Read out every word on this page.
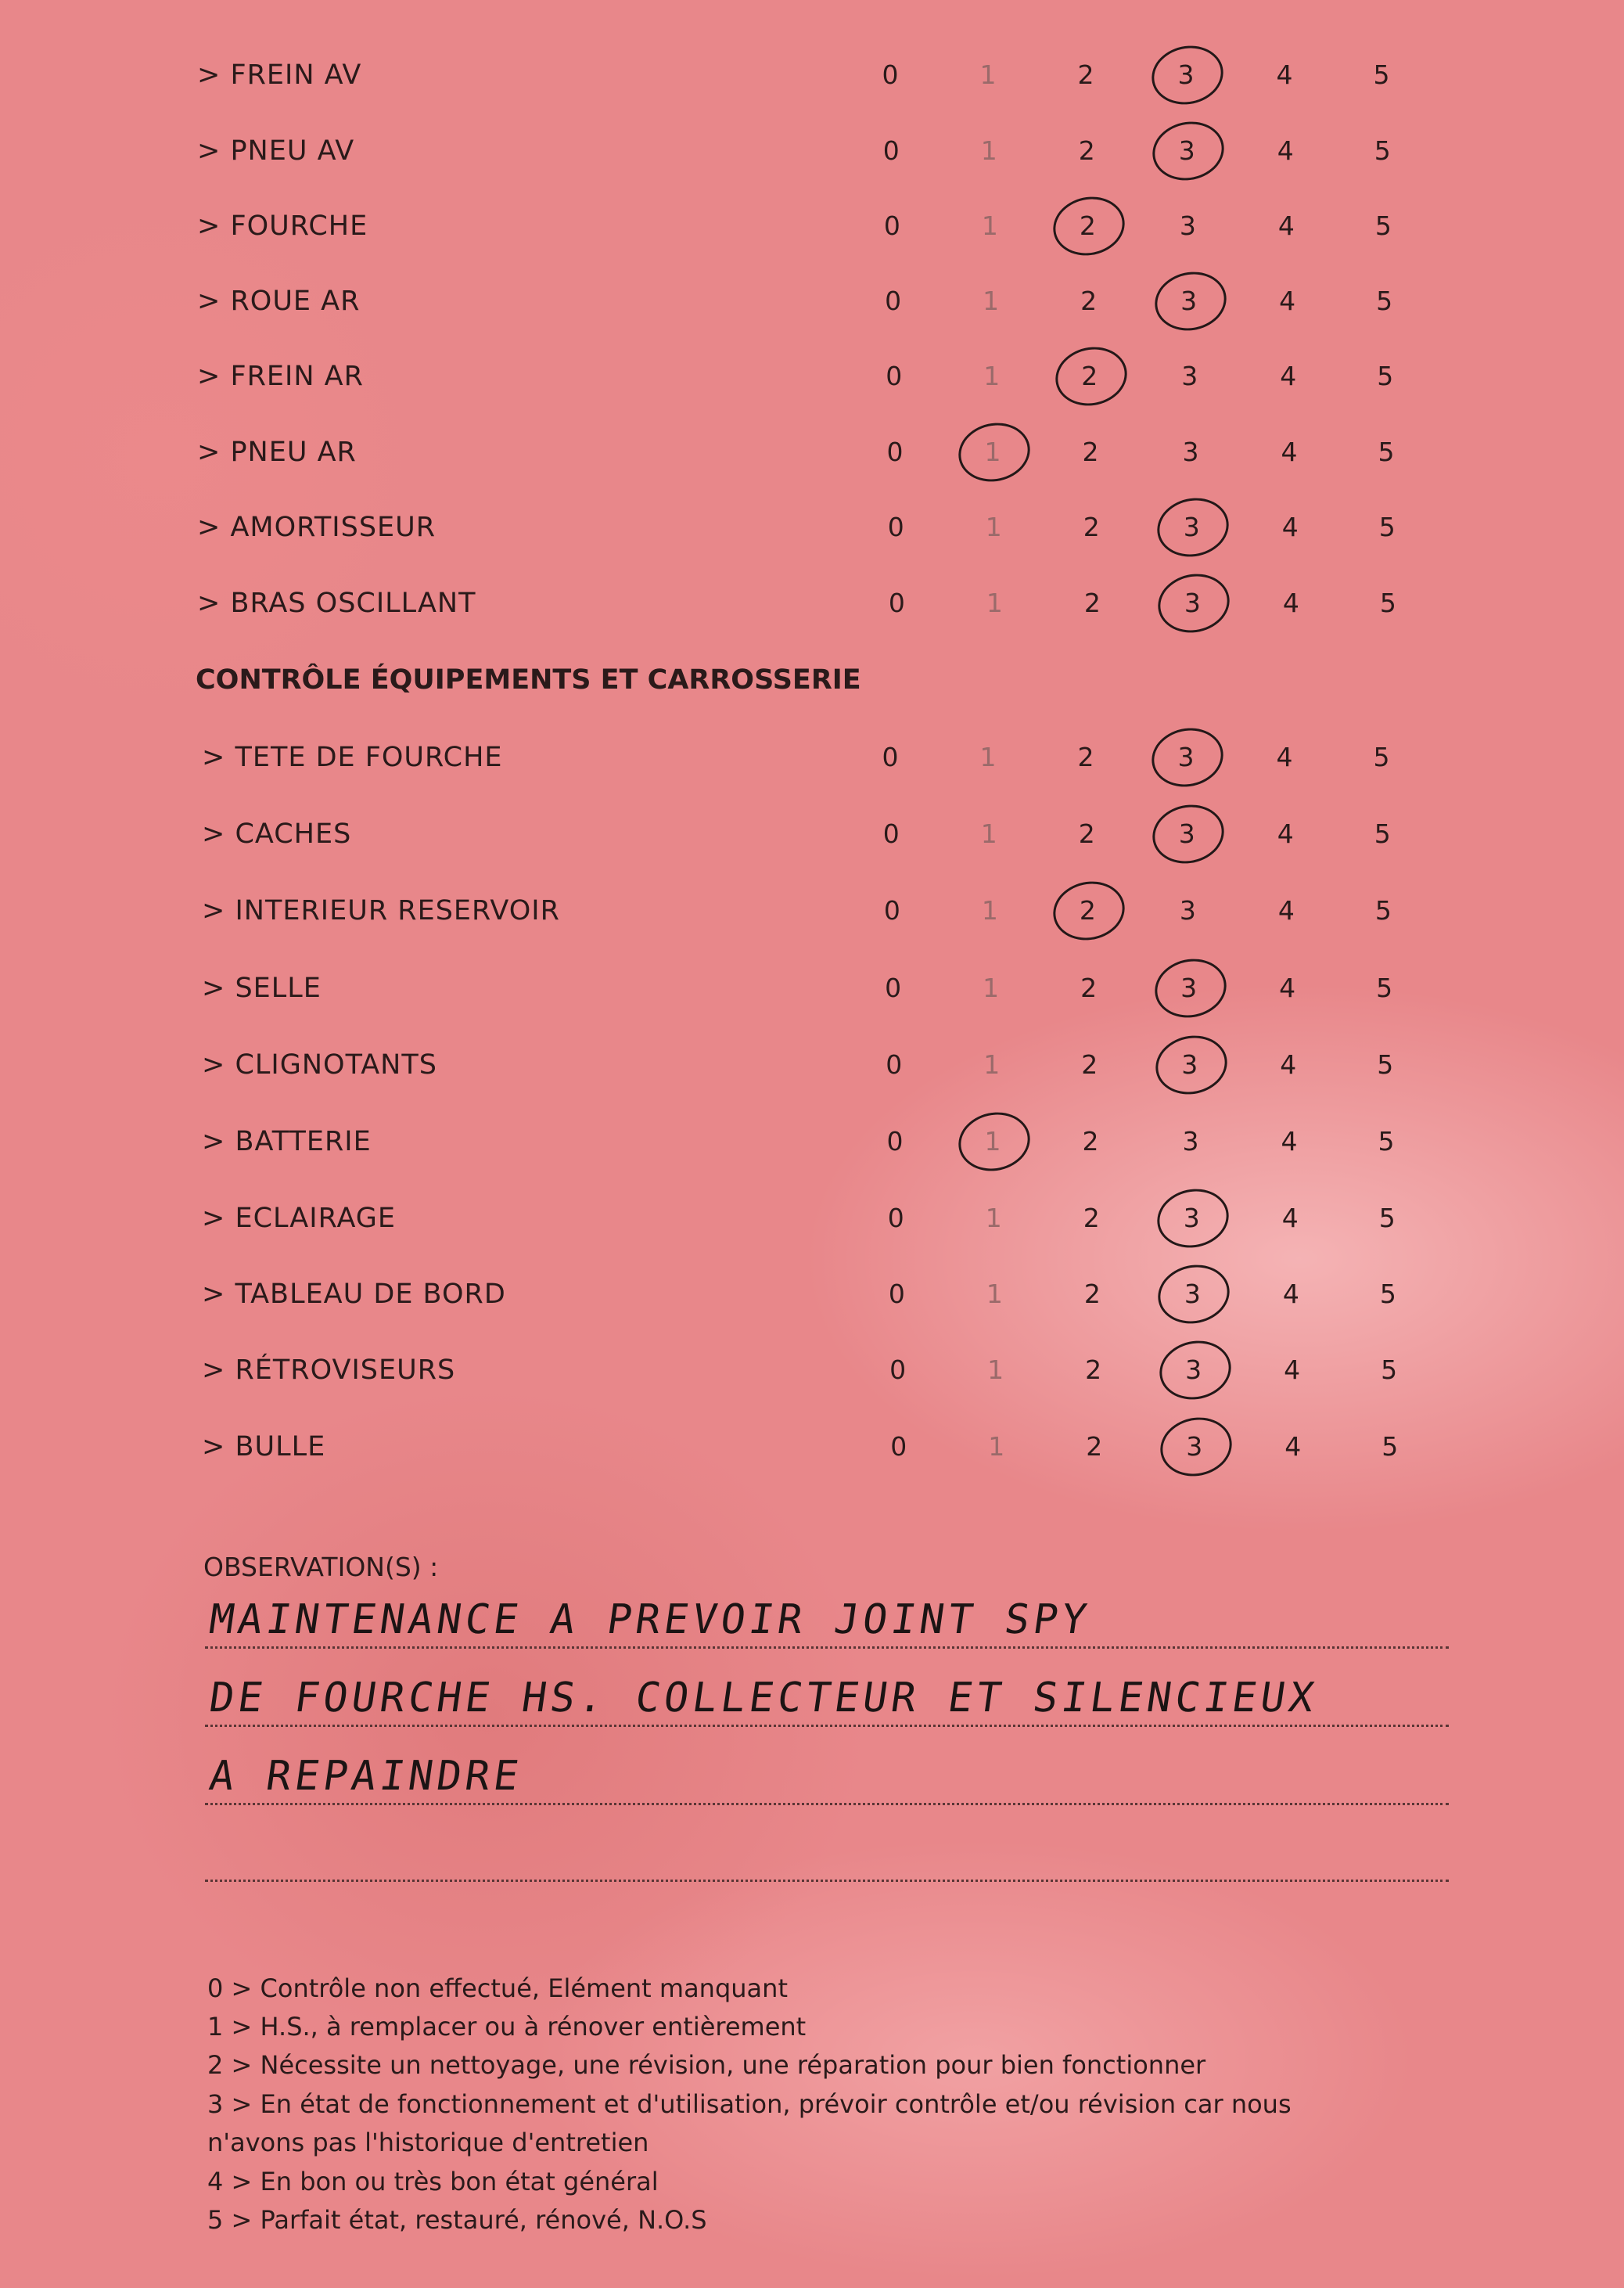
> FREIN AV	0	1	2	3	4	5
> PNEU AV	0	1	2	3	4	5
> FOURCHE	0	1	2	3	4	5
> ROUE AR	0	1	2	3	4	5
> FREIN AR	0	1	2	3	4	5
> PNEU AR	0	1	2	3	4	5
> AMORTISSEUR	0	1	2	3	4	5
> BRAS OSCILLANT	0	1	2	3	4	5
> TETE DE FOURCHE	0	1	2	3	4	5
> CACHES	0	1	2	3	4	5
> INTERIEUR RESERVOIR	0	1	2	3	4	5
> SELLE	0	1	2	3	4	5
> CLIGNOTANTS	0	1	2	3	4	5
> BATTERIE	0	1	2	3	4	5
> ECLAIRAGE	0	1	2	3	4	5
> TABLEAU DE BORD	0	1	2	3	4	5
> RÉTROVISEURS	0	1	2	3	4	5
> BULLE	0	1	2	3	4	5
CONTRÔLE ÉQUIPEMENTS ET CARROSSERIE
OBSERVATION(S) :
MAINTENANCE A PREVOIR JOINT SPY
DE FOURCHE HS. COLLECTEUR ET SILENCIEUX
A REPAINDRE
0 > Contrôle non effectué, Elément manquant
1 > H.S., à remplacer ou à rénover entièrement
2 > Nécessite un nettoyage, une révision, une réparation pour bien fonctionner
3 > En état de fonctionnement et d'utilisation, prévoir contrôle et/ou révision car nous
n'avons pas l'historique d'entretien
4 > En bon ou très bon état général
5 > Parfait état, restauré, rénové, N.O.S
